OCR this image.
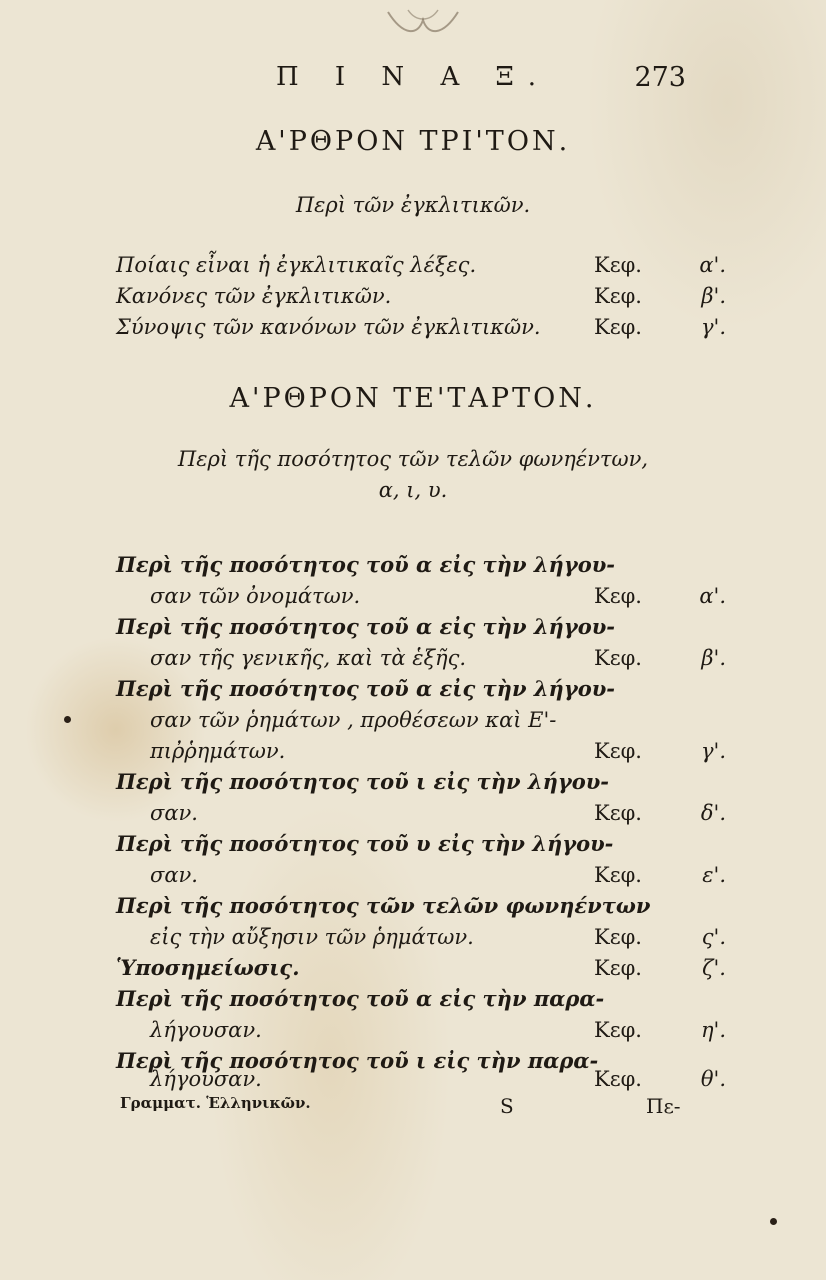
Π Ι Ν Α Ξ.	273
Α'ΡΘΡΟΝ ΤΡΙ'ΤΟΝ.
Περὶ τῶν ἐγκλιτικῶν.
Ποίαις εἶναι ἡ ἐγκλιτικαῖς λέξες.	Κεφ.	α'.
Κανόνες τῶν ἐγκλιτικῶν.	Κεφ.	β'.
Σύνοψις τῶν κανόνων τῶν ἐγκλιτικῶν.	Κεφ.	γ'.
Α'ΡΘΡΟΝ ΤΕ'ΤΑΡΤΟΝ.
Περὶ τῆς ποσότητος τῶν τελῶν φωνηέντων,
α, ι, υ.
Περὶ τῆς ποσότητος τοῦ α εἰς τὴν λήγου-
σαν τῶν ὀνομάτων.	Κεφ.	α'.
Περὶ τῆς ποσότητος τοῦ α εἰς τὴν λήγου-
σαν τῆς γενικῆς, καὶ τὰ ἑξῆς.	Κεφ.	β'.
Περὶ τῆς ποσότητος τοῦ α εἰς τὴν λήγου-
σαν τῶν ῥημάτων , προθέσεων καὶ Ε'-
πιῤῥημάτων.	Κεφ.	γ'.
Περὶ τῆς ποσότητος τοῦ ι εἰς τὴν λήγου-
σαν.	Κεφ.	δ'.
Περὶ τῆς ποσότητος τοῦ υ εἰς τὴν λήγου-
σαν.	Κεφ.	ε'.
Περὶ τῆς ποσότητος τῶν τελῶν φωνηέντων
εἰς τὴν αὔξησιν τῶν ῥημάτων.	Κεφ.	ς'.
Ὑποσημείωσις.	Κεφ.	ζ'.
Περὶ τῆς ποσότητος τοῦ α εἰς τὴν παρα-
λήγουσαν.	Κεφ.	η'.
Περὶ τῆς ποσότητος τοῦ ι εἰς τὴν παρα-
λήγουσαν.	Κεφ.	θ'.
Γραμματ. Ἑλληνικῶν.	S	Πε-
